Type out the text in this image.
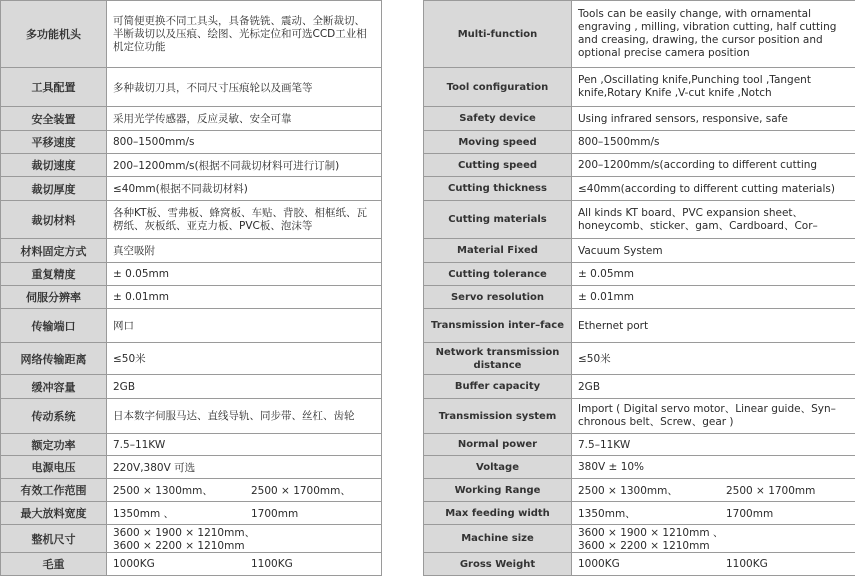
多功能机头	可简便更换不同工具头，具备铣铣、震动、全断裁切、半断裁切以及压痕、绘图、光标定位和可选CCD工业相机定位功能
工具配置	多种裁切刀具，不同尺寸压痕轮以及画笔等
安全装置	采用光学传感器，反应灵敏、安全可靠
平移速度	800–1500mm/s
裁切速度	200–1200mm/s(根据不同裁切材料可进行订制)
裁切厚度	≤40mm(根据不同裁切材料)
裁切材料	各种KT板、雪弗板、蜂窝板、车贴、背胶、相框纸、瓦楞纸、灰板纸、亚克力板、PVC板、泡沫等
材料固定方式	真空吸附
重复精度	± 0.05mm
伺服分辨率	± 0.01mm
传输端口	网口
网络传输距离	≤50米
缓冲容量	2GB
传动系统	日本数字伺服马达、直线导轨、同步带、丝杠、齿轮
额定功率	7.5–11KW
电源电压	220V,380V 可选
有效工作范围	2500 × 1300mm、 2500 × 1700mm、
最大放料宽度	1350mm 、 1700mm
整机尺寸	3600 × 1900 × 1210mm、3600 × 2200 × 1210mm
毛重	1000KG 1100KG
Multi-function	Tools can be easily change, with ornamental engraving , milling, vibration cutting, half cutting and creasing, drawing, the cursor position and optional precise camera position
Tool configuration	Pen ,Oscillating knife,Punching tool ,Tangent knife,Rotary Knife ,V-cut knife ,Notch
Safety device	Using infrared sensors, responsive, safe
Moving speed	800–1500mm/s
Cutting speed	200–1200mm/s(according to different cutting
Cutting thickness	≤40mm(according to different cutting materials)
Cutting materials	All kinds KT board、PVC expansion sheet、honeycomb、sticker、gam、Cardboard、Cor–
Material Fixed	Vacuum System
Cutting tolerance	± 0.05mm
Servo resolution	± 0.01mm
Transmission inter–face	Ethernet port
Network transmission distance	≤50米
Buffer capacity	2GB
Transmission system	Import ( Digital servo motor、Linear guide、Syn–chronous belt、Screw、gear )
Normal power	7.5–11KW
Voltage	380V ± 10%
Working Range	2500 × 1300mm、 2500 × 1700mm
Max feeding width	1350mm、 1700mm
Machine size	3600 × 1900 × 1210mm 、3600 × 2200 × 1210mm
Gross Weight	1000KG 1100KG
